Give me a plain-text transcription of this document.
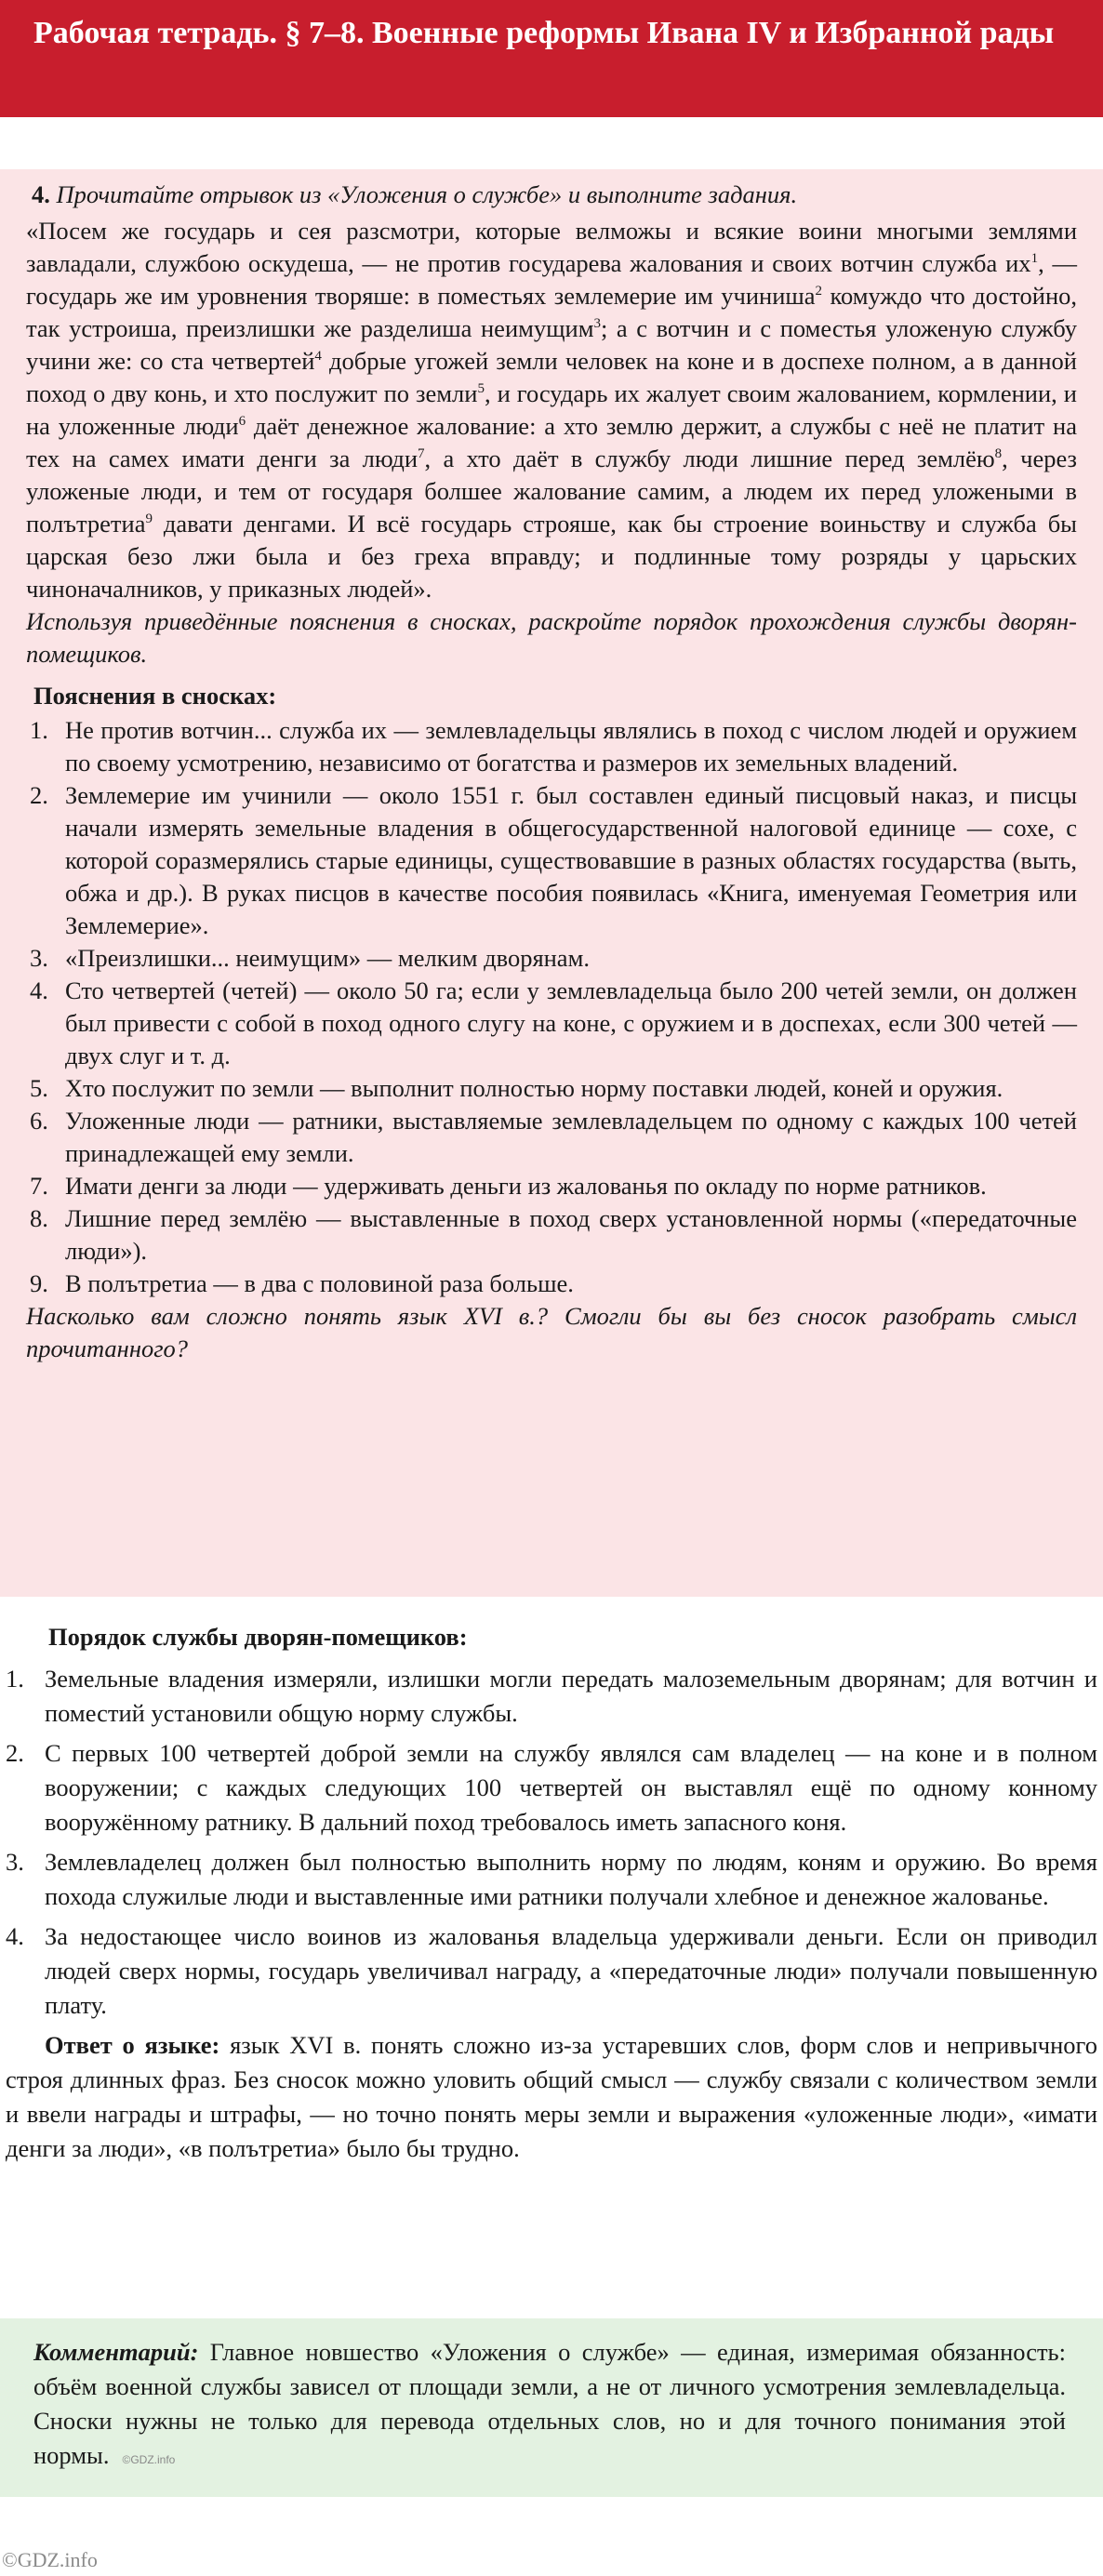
Рабочая тетрадь. § 7–8. Военные реформы Ивана IV и Избранной рады

4. Прочитайте отрывок из «Уложения о службе» и выполните задания.

«Посем же государь и сея разсмотри, которые велможы и всякие воини многыми землями завладали, службою оскудеша, — не против государева жалования и своих вотчин служба $их^1$, — государь же им уровнения творяше: в поместьях землемерие им учиниша$^2$ комуждо что достойно, так устроиша, преизлишки же разделиша неимущим$^3$; а с вотчин и с поместья уложеную службу учини же: со ста четвертей$^4$ добрые угожей земли человек на коне и в доспехе полном, а в данной поход о дву конь, и хто послужит по земли$^5$, и государь их жалует своим жалованием, кормлении, и на уложенные люди$^6$ даёт денежное жалование: а хто землю держит, а службы с неё не платит на тех на самех имати денги за люди$^7$, а хто даёт в службу люди лишние перед землёю$^8$, через уложеные люди, и тем от государя болшее жалование самим, а людем их перед уложеными в полътретиа$^9$ давати денгами. И всё государь строяше, как бы строение воиньству и служба бы царская безо лжи была и без греха вправду; и подлинные тому розряды у царьских чиноначалников, у приказных людей».

Используя приведённые пояснения в сносках, раскройте порядок прохождения службы дворян-помещиков.

Пояснения в сносках:

1. Не против вотчин... служба их — землевладельцы являлись в поход с числом людей и оружием по своему усмотрению, независимо от богатства и размеров их земельных владений.
2. Землемерие им учинили — около 1551 г. был составлен единый писцовый наказ, и писцы начали измерять земельные владения в общегосударственной налоговой единице — сохе, с которой соразмерялись старые единицы, существовавшие в разных областях государства (выть, обжа и др.). В руках писцов в качестве пособия появилась «Книга, именуемая Геометрия или Землемерие».
3. «Преизлишки... неимущим» — мелким дворянам.
4. Сто четвертей (четей) — около 50 га; если у землевладельца было 200 четей земли, он должен был привести с собой в поход одного слугу на коне, с оружием и в доспехах, если 300 четей — двух слуг и т. д.
5. Хто послужит по земли — выполнит полностью норму поставки людей, коней и оружия.
6. Уложенные люди — ратники, выставляемые землевладельцем по одному с каждых 100 четей принадлежащей ему земли.
7. Имати денги за люди — удерживать деньги из жалованья по окладу по норме ратников.
8. Лишние перед землёю — выставленные в поход сверх установленной нормы («передаточные люди»).
9. В полътретиа — в два с половиной раза больше.

Насколько вам сложно понять язык XVI в.? Смогли бы вы без сносок разобрать смысл прочитанного?

Порядок службы дворян-помещиков:
1. Земельные владения измеряли, излишки могли передать малоземельным дворянам; для вотчин и поместий установили общую норму службы.
2. С первых 100 четвертей доброй земли на службу являлся сам владелец — на коне и в полном вооружении; с каждых следующих 100 четвертей он выставлял ещё по одному конному вооружённому ратнику. В дальний поход требовалось иметь запасного коня.
3. Землевладелец должен был полностью выполнить норму по людям, коням и оружию. Во время похода служилые люди и выставленные ими ратники получали хлебное и денежное жалованье.
4. За недостающее число воинов из жалованья владельца удерживали деньги. Если он приводил людей сверх нормы, государь увеличивал награду, а «передаточные люди» получали повышенную плату.

Ответ о языке: язык XVI в. понять сложно из-за устаревших слов, форм слов и непривычного строя длинных фраз. Без сносок можно уловить общий смысл — службу связали с количеством земли и ввели награды и штрафы, — но точно понять меры земли и выражения «уложенные люди», «имати денги за люди», «в полътретиа» было бы трудно.

Комментарий: Главное новшество «Уложения о службе» — единая, измеримая обязанность: объём военной службы зависел от площади земли, а не от личного усмотрения землевладельца. Сноски нужны не только для перевода отдельных слов, но и для точного понимания этой нормы. ©GDZ.info

©GDZ.info
